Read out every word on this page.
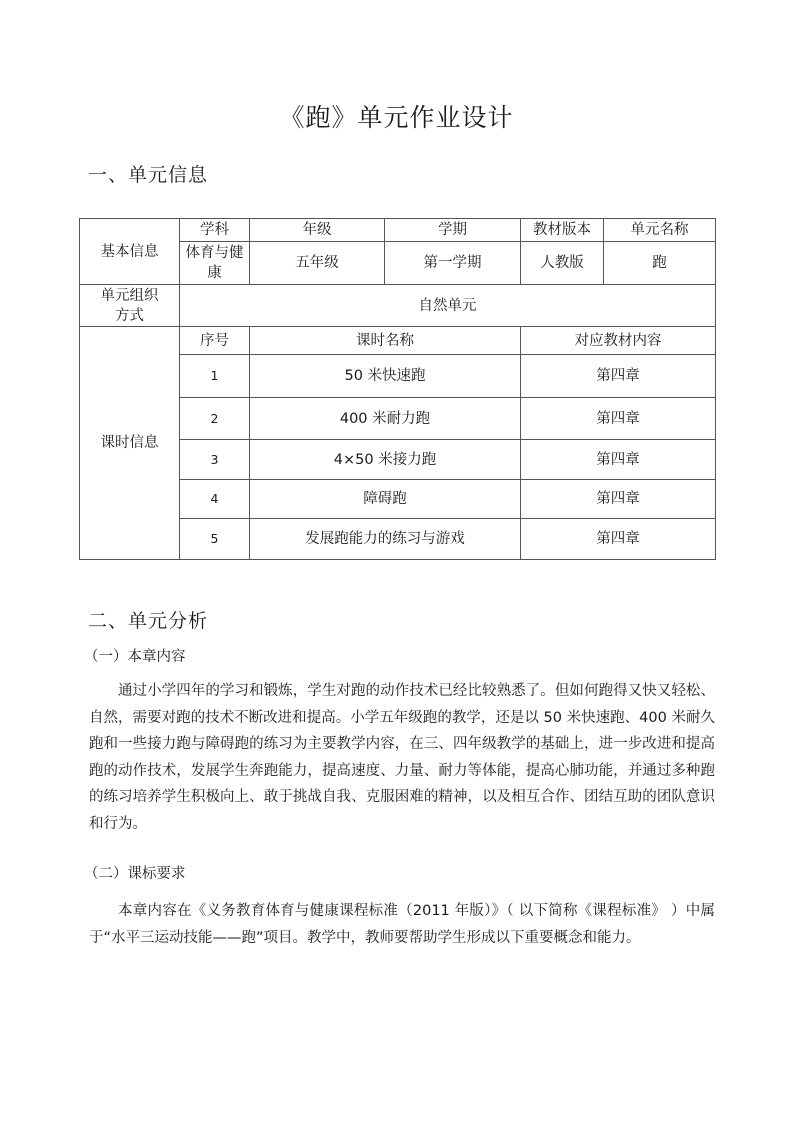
《跑》单元作业设计
一、单元信息
基本信息	学科	年级	学期	教材版本	单元名称
	体育与健康	五年级	第一学期	人教版	跑
单元组织方式	自然单元				
课时信息	序号	课时名称		对应教材内容	
	1	50 米快速跑		第四章	
	2	400 米耐力跑		第四章	
	3	4×50 米接力跑		第四章	
	4	障碍跑		第四章	
	5	发展跑能力的练习与游戏		第四章	
二、单元分析
（一）本章内容
通过小学四年的学习和锻炼，学生对跑的动作技术已经比较熟悉了。但如何跑得又快又轻松、自然，需要对跑的技术不断改进和提高。小学五年级跑的教学，还是以 50 米快速跑、400 米耐久跑和一些接力跑与障碍跑的练习为主要教学内容，在三、四年级教学的基础上，进一步改进和提高跑的动作技术，发展学生奔跑能力，提高速度、力量、耐力等体能，提高心肺功能，并通过多种跑的练习培养学生积极向上、敢于挑战自我、克服困难的精神，以及相互合作、团结互助的团队意识和行为。
（二）课标要求
本章内容在《义务教育体育与健康课程标准（2011 年版）》（ 以下简称《课程标准》 ）中属于“水平三运动技能——跑”项目。教学中，教师要帮助学生形成以下重要概念和能力。
